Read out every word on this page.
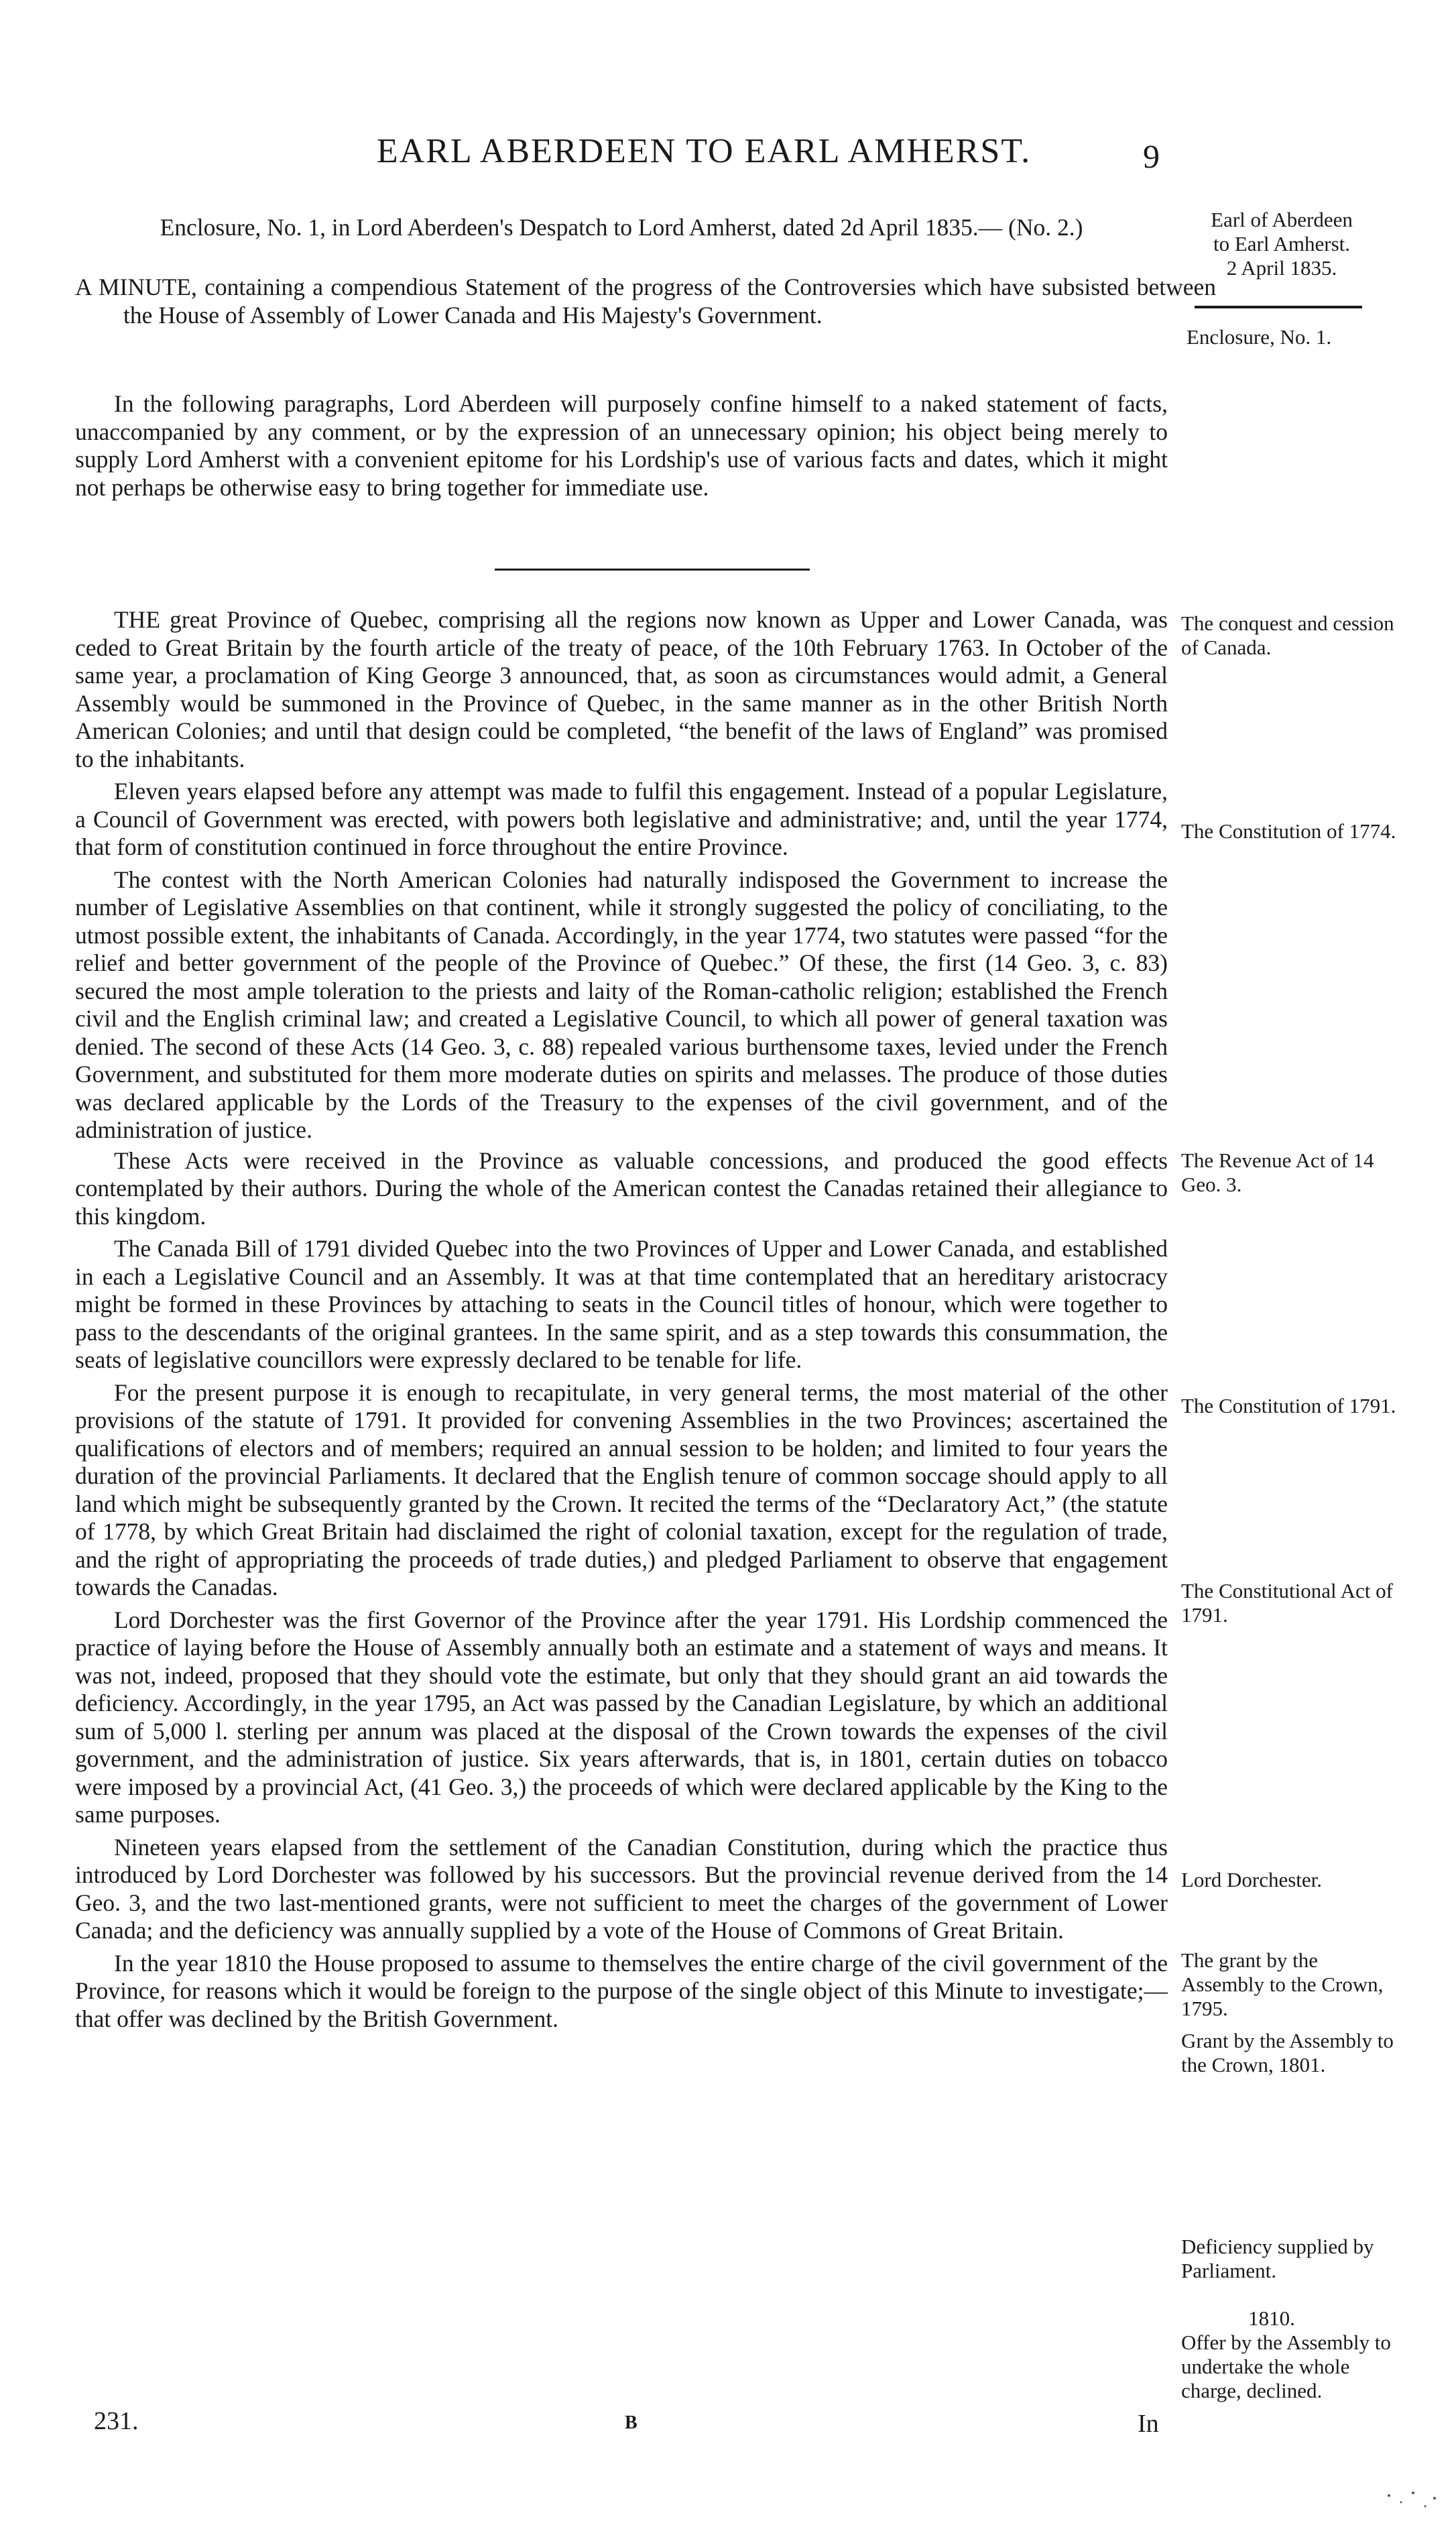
EARL ABERDEEN TO EARL AMHERST.	9
Enclosure, No. 1, in Lord Aberdeen's Despatch to Lord Amherst, dated 2d April 1835.— (No. 2.)
A MINUTE, containing a compendious Statement of the progress of the Controversies which have subsisted between the House of Assembly of Lower Canada and His Majesty's Government.
In the following paragraphs, Lord Aberdeen will purposely confine himself to a naked statement of facts, unaccompanied by any comment, or by the expression of an unnecessary opinion; his object being merely to supply Lord Amherst with a convenient epitome for his Lordship's use of various facts and dates, which it might not perhaps be otherwise easy to bring together for immediate use.

THE great Province of Quebec, comprising all the regions now known as Upper and Lower Canada, was ceded to Great Britain by the fourth article of the treaty of peace, of the 10th February 1763. In October of the same year, a proclamation of King George 3 announced, that, as soon as circumstances would admit, a General Assembly would be summoned in the Province of Quebec, in the same manner as in the other British North American Colonies; and until that design could be completed, “the benefit of the laws of England” was promised to the inhabitants.

Eleven years elapsed before any attempt was made to fulfil this engagement. Instead of a popular Legislature, a Council of Government was erected, with powers both legislative and administrative; and, until the year 1774, that form of constitution continued in force throughout the entire Province.

The contest with the North American Colonies had naturally indisposed the Government to increase the number of Legislative Assemblies on that continent, while it strongly suggested the policy of conciliating, to the utmost possible extent, the inhabitants of Canada. Accordingly, in the year 1774, two statutes were passed “for the relief and better government of the people of the Province of Quebec.” Of these, the first (14 Geo. 3, c. 83) secured the most ample toleration to the priests and laity of the Roman-catholic religion; established the French civil and the English criminal law; and created a Legislative Council, to which all power of general taxation was denied. The second of these Acts (14 Geo. 3, c. 88) repealed various burthensome taxes, levied under the French Government, and substituted for them more moderate duties on spirits and melasses. The produce of those duties was declared applicable by the Lords of the Treasury to the expenses of the civil government, and of the administration of justice.

These Acts were received in the Province as valuable concessions, and produced the good effects contemplated by their authors. During the whole of the American contest the Canadas retained their allegiance to this kingdom.

The Canada Bill of 1791 divided Quebec into the two Provinces of Upper and Lower Canada, and established in each a Legislative Council and an Assembly. It was at that time contemplated that an hereditary aristocracy might be formed in these Provinces by attaching to seats in the Council titles of honour, which were together to pass to the descendants of the original grantees. In the same spirit, and as a step towards this consummation, the seats of legislative councillors were expressly declared to be tenable for life.

For the present purpose it is enough to recapitulate, in very general terms, the most material of the other provisions of the statute of 1791. It provided for convening Assemblies in the two Provinces; ascertained the qualifications of electors and of members; required an annual session to be holden; and limited to four years the duration of the provincial Parliaments. It declared that the English tenure of common soccage should apply to all land which might be subsequently granted by the Crown. It recited the terms of the “Declaratory Act,” (the statute of 1778, by which Great Britain had disclaimed the right of colonial taxation, except for the regulation of trade, and the right of appropriating the proceeds of trade duties,) and pledged Parliament to observe that engagement towards the Canadas.

Lord Dorchester was the first Governor of the Province after the year 1791. His Lordship commenced the practice of laying before the House of Assembly annually both an estimate and a statement of ways and means. It was not, indeed, proposed that they should vote the estimate, but only that they should grant an aid towards the deficiency. Accordingly, in the year 1795, an Act was passed by the Canadian Legislature, by which an additional sum of 5,000 l. sterling per annum was placed at the disposal of the Crown towards the expenses of the civil government, and the administration of justice. Six years afterwards, that is, in 1801, certain duties on tobacco were imposed by a provincial Act, (41 Geo. 3,) the proceeds of which were declared applicable by the King to the same purposes.

Nineteen years elapsed from the settlement of the Canadian Constitution, during which the practice thus introduced by Lord Dorchester was followed by his successors. But the provincial revenue derived from the 14 Geo. 3, and the two last-mentioned grants, were not sufficient to meet the charges of the government of Lower Canada; and the deficiency was annually supplied by a vote of the House of Commons of Great Britain.

In the year 1810 the House proposed to assume to themselves the entire charge of the civil government of the Province, for reasons which it would be foreign to the purpose of the single object of this Minute to investigate;—that offer was declined by the British Government.

Earl of Aberdeen
to Earl Amherst.
2 April 1835.
Enclosure, No. 1.
The conquest and cession of Canada.
The Constitution of 1774.
The Revenue Act of 14 Geo. 3.
The Constitution of 1791.
The Constitutional Act of 1791.
Lord Dorchester.
The grant by the Assembly to the Crown, 1795.
Grant by the Assembly to the Crown, 1801.
Deficiency supplied by Parliament.
1810.
Offer by the Assembly to undertake the whole charge, declined.
231.	B	In
